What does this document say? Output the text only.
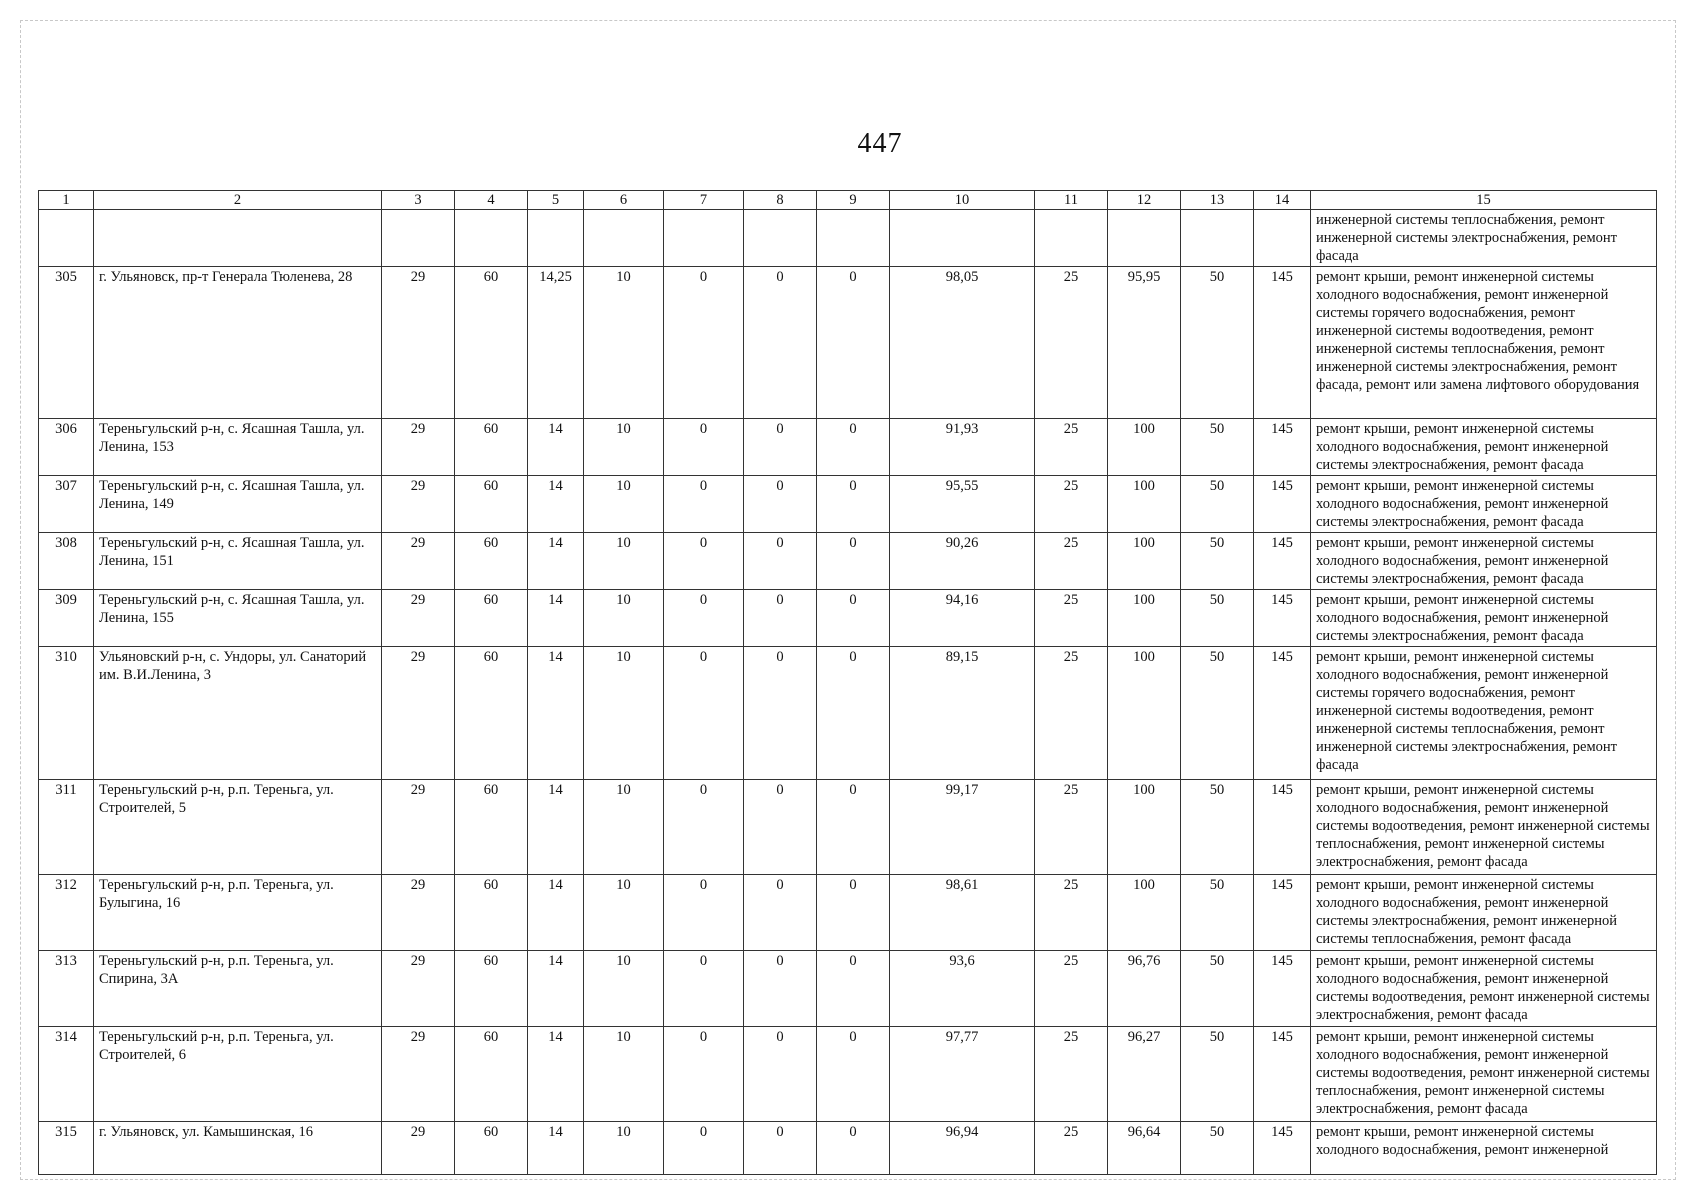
447
1	2	3	4	5	6	7	8	9	10	11	12	13	14	15
														инженерной системы теплоснабжения, ремонт инженерной системы электроснабжения, ремонт фасада
305	г. Ульяновск, пр-т Генерала Тюленева, 28	29	60	14,25	10	0	0	0	98,05	25	95,95	50	145	ремонт крыши, ремонт инженерной системы холодного водоснабжения, ремонт инженерной системы горячего водоснабжения, ремонт инженерной системы водоотведения, ремонт инженерной системы теплоснабжения, ремонт инженерной системы электроснабжения, ремонт фасада, ремонт или замена лифтового оборудования
306	Тереньгульский р-н, с. Ясашная Ташла, ул. Ленина, 153	29	60	14	10	0	0	0	91,93	25	100	50	145	ремонт крыши, ремонт инженерной системы холодного водоснабжения, ремонт инженерной системы электроснабжения, ремонт фасада
307	Тереньгульский р-н, с. Ясашная Ташла, ул. Ленина, 149	29	60	14	10	0	0	0	95,55	25	100	50	145	ремонт крыши, ремонт инженерной системы холодного водоснабжения, ремонт инженерной системы электроснабжения, ремонт фасада
308	Тереньгульский р-н, с. Ясашная Ташла, ул. Ленина, 151	29	60	14	10	0	0	0	90,26	25	100	50	145	ремонт крыши, ремонт инженерной системы холодного водоснабжения, ремонт инженерной системы электроснабжения, ремонт фасада
309	Тереньгульский р-н, с. Ясашная Ташла, ул. Ленина, 155	29	60	14	10	0	0	0	94,16	25	100	50	145	ремонт крыши, ремонт инженерной системы холодного водоснабжения, ремонт инженерной системы электроснабжения, ремонт фасада
310	Ульяновский р-н, с. Ундоры, ул. Санаторий им. В.И.Ленина, 3	29	60	14	10	0	0	0	89,15	25	100	50	145	ремонт крыши, ремонт инженерной системы холодного водоснабжения, ремонт инженерной системы горячего водоснабжения, ремонт инженерной системы водоотведения, ремонт инженерной системы теплоснабжения, ремонт инженерной системы электроснабжения, ремонт фасада
311	Тереньгульский р-н, р.п. Тереньга, ул. Строителей, 5	29	60	14	10	0	0	0	99,17	25	100	50	145	ремонт крыши, ремонт инженерной системы холодного водоснабжения, ремонт инженерной системы водоотведения, ремонт инженерной системы теплоснабжения, ремонт инженерной системы электроснабжения, ремонт фасада
312	Тереньгульский р-н, р.п. Тереньга, ул. Булыгина, 16	29	60	14	10	0	0	0	98,61	25	100	50	145	ремонт крыши, ремонт инженерной системы холодного водоснабжения, ремонт инженерной системы электроснабжения, ремонт инженерной системы теплоснабжения, ремонт фасада
313	Тереньгульский р-н, р.п. Тереньга, ул. Спирина, 3А	29	60	14	10	0	0	0	93,6	25	96,76	50	145	ремонт крыши, ремонт инженерной системы холодного водоснабжения, ремонт инженерной системы водоотведения, ремонт инженерной системы электроснабжения, ремонт фасада
314	Тереньгульский р-н, р.п. Тереньга, ул. Строителей, 6	29	60	14	10	0	0	0	97,77	25	96,27	50	145	ремонт крыши, ремонт инженерной системы холодного водоснабжения, ремонт инженерной системы водоотведения, ремонт инженерной системы теплоснабжения, ремонт инженерной системы электроснабжения, ремонт фасада
315	г. Ульяновск, ул. Камышинская, 16	29	60	14	10	0	0	0	96,94	25	96,64	50	145	ремонт крыши, ремонт инженерной системы холодного водоснабжения, ремонт инженерной
